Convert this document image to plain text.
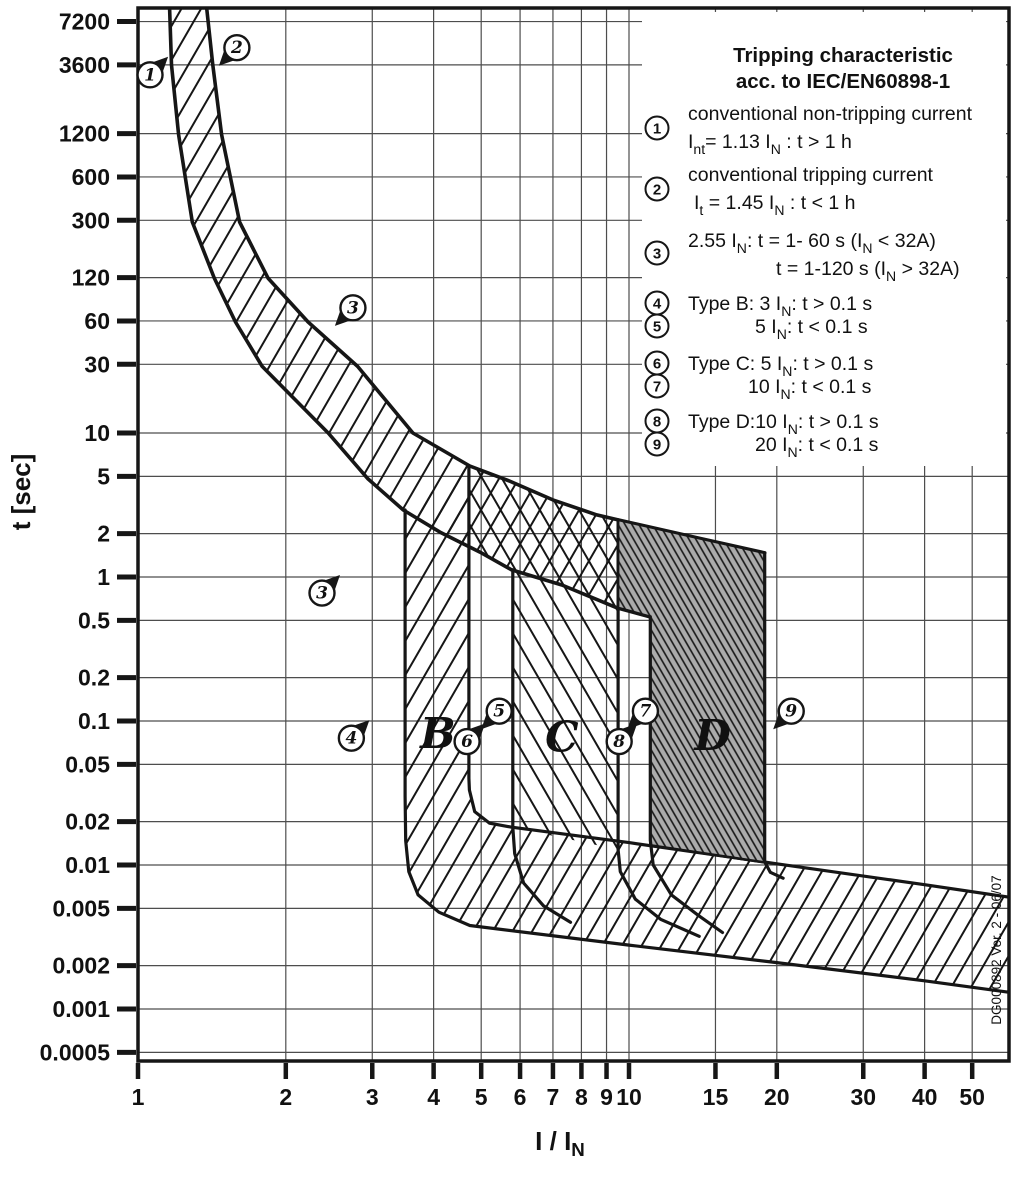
7200
3600
1200
600
300
120
60
30
10
5
2
1
0.5
0.2
0.1
0.05
0.02
0.01
0.005
0.002
0.001
0.0005
1	2	3 4 5 6 7 8 9 10	15 20	30 40 50
t [sec]
I / $I_N$
Tripping characteristic
acc. to IEC/EN60898-1
1
conventional non-tripping current
$I_{nt}= 1.13$ $I_N$ : t > 1 h
2
conventional tripping current
$I_t = 1.45$ $I_N$ : t < 1 h
3
2.55 $I_N$: t = 1- 60 s $(I_N < 32A)$
t = 1-120 s $(I_N > 32A)$
4 Type B: 3 $I_N$: t > 0.1 s
5	5 $I_N$: t < 0.1 s
6 Type C: 5 $I_N$: t > 0.1 s
7	10 $I_N$: t < 0.1 s
8 Type D:10 $I_N$: t > 0.1 s
9	20 $I_N$: t < 0.1 s
1
2
3
3
4
5
6
7
8
9
B C	D
DG000892 Ver. 2 - 06/07
